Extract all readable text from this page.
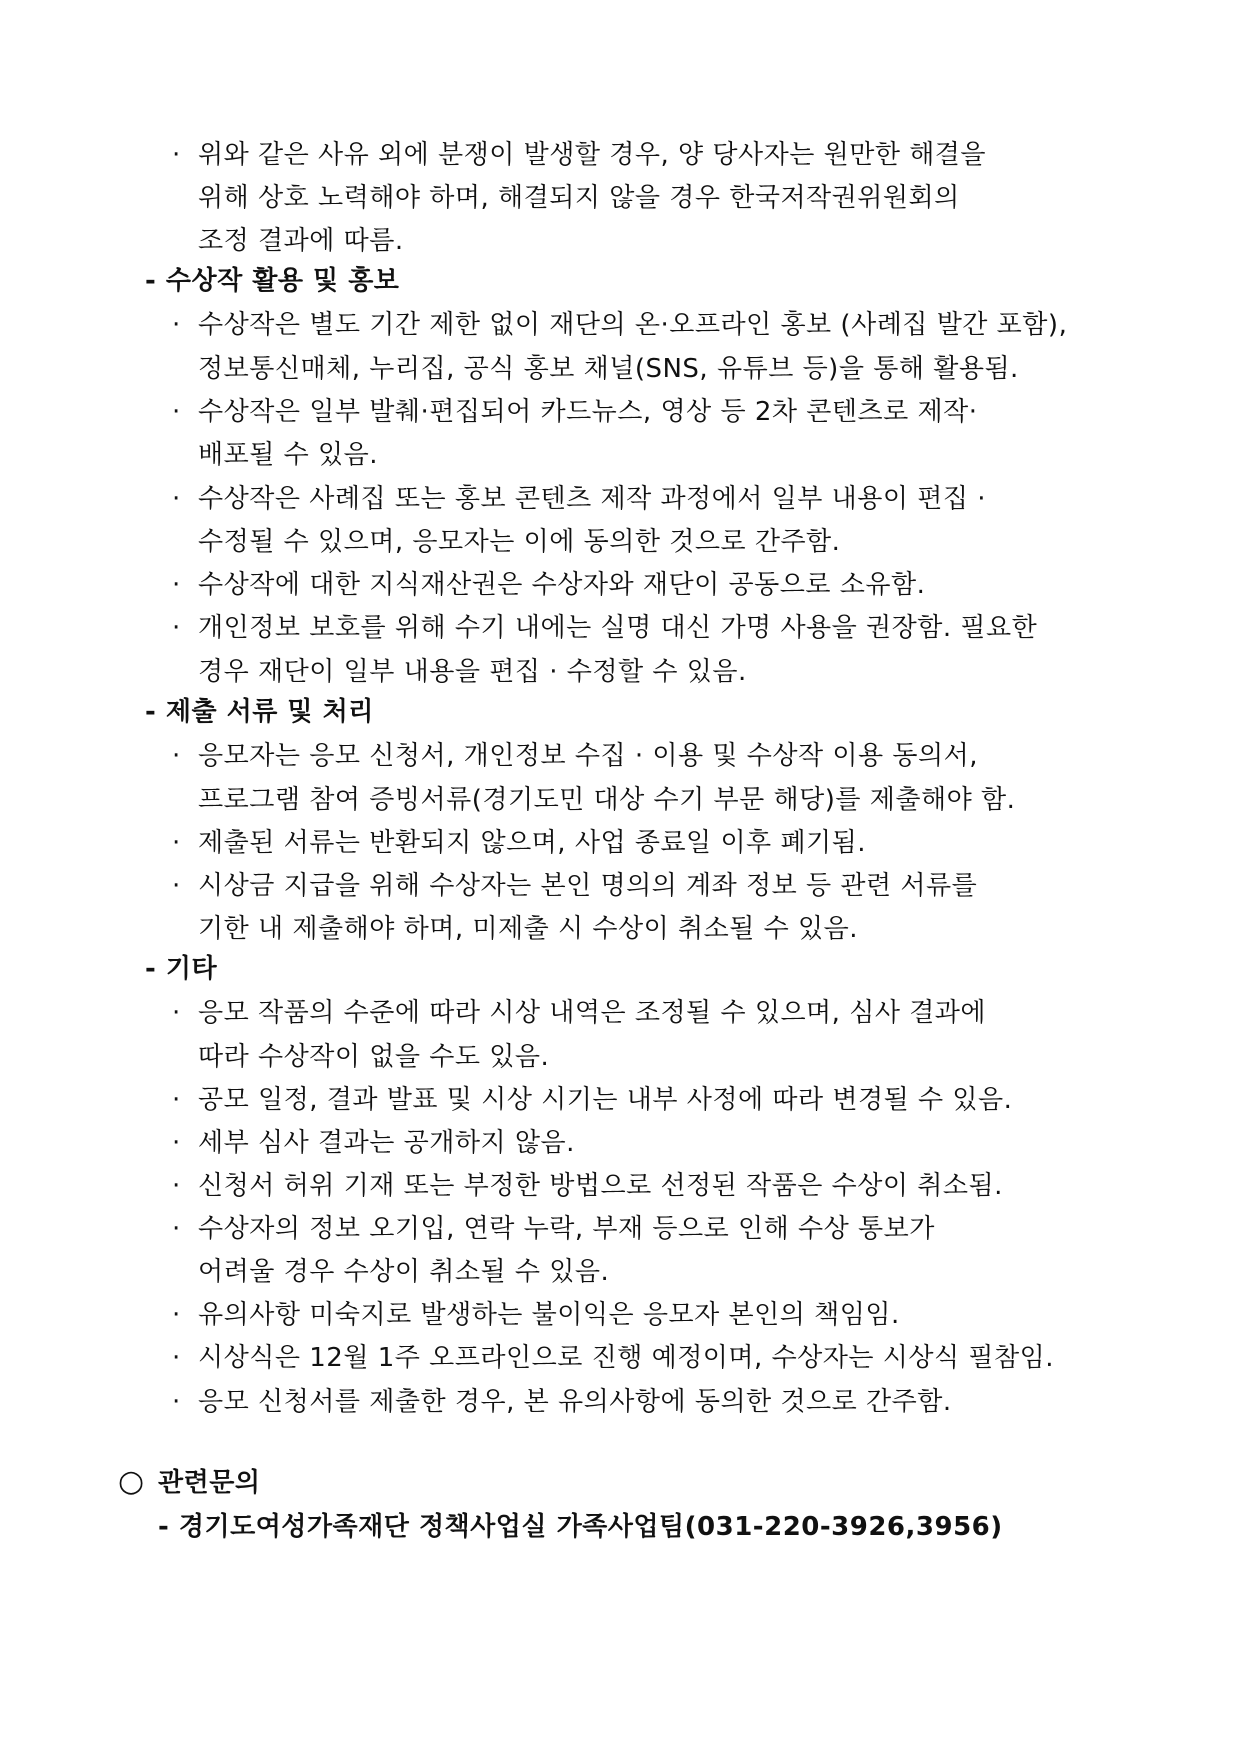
· 위와 같은 사유 외에 분쟁이 발생할 경우, 양 당사자는 원만한 해결을
위해 상호 노력해야 하며, 해결되지 않을 경우 한국저작권위원회의
조정 결과에 따름.
- 수상작 활용 및 홍보
· 수상작은 별도 기간 제한 없이 재단의 온·오프라인 홍보 (사례집 발간 포함),
정보통신매체, 누리집, 공식 홍보 채널(SNS, 유튜브 등)을 통해 활용됨.
· 수상작은 일부 발췌·편집되어 카드뉴스, 영상 등 2차 콘텐츠로 제작·
배포될 수 있음.
· 수상작은 사례집 또는 홍보 콘텐츠 제작 과정에서 일부 내용이 편집 ·
수정될 수 있으며, 응모자는 이에 동의한 것으로 간주함.
· 수상작에 대한 지식재산권은 수상자와 재단이 공동으로 소유함.
· 개인정보 보호를 위해 수기 내에는 실명 대신 가명 사용을 권장함. 필요한
경우 재단이 일부 내용을 편집 · 수정할 수 있음.
- 제출 서류 및 처리
· 응모자는 응모 신청서, 개인정보 수집 · 이용 및 수상작 이용 동의서,
프로그램 참여 증빙서류(경기도민 대상 수기 부문 해당)를 제출해야 함.
· 제출된 서류는 반환되지 않으며, 사업 종료일 이후 폐기됨.
· 시상금 지급을 위해 수상자는 본인 명의의 계좌 정보 등 관련 서류를
기한 내 제출해야 하며, 미제출 시 수상이 취소될 수 있음.
- 기타
· 응모 작품의 수준에 따라 시상 내역은 조정될 수 있으며, 심사 결과에
따라 수상작이 없을 수도 있음.
· 공모 일정, 결과 발표 및 시상 시기는 내부 사정에 따라 변경될 수 있음.
· 세부 심사 결과는 공개하지 않음.
· 신청서 허위 기재 또는 부정한 방법으로 선정된 작품은 수상이 취소됨.
· 수상자의 정보 오기입, 연락 누락, 부재 등으로 인해 수상 통보가
어려울 경우 수상이 취소될 수 있음.
· 유의사항 미숙지로 발생하는 불이익은 응모자 본인의 책임임.
· 시상식은 12월 1주 오프라인으로 진행 예정이며, 수상자는 시상식 필참임.
· 응모 신청서를 제출한 경우, 본 유의사항에 동의한 것으로 간주함.
○ 관련문의
- 경기도여성가족재단 정책사업실 가족사업팀(031-220-3926,3956)
